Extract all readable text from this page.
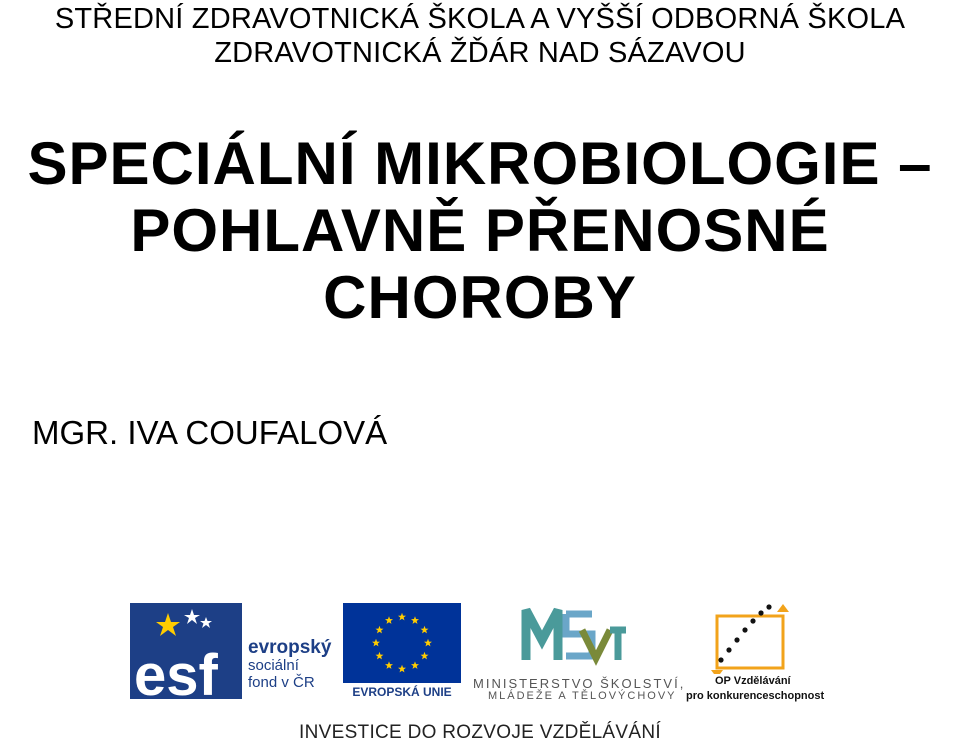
STŘEDNÍ ZDRAVOTNICKÁ ŠKOLA A VYŠŠÍ ODBORNÁ ŠKOLA
ZDRAVOTNICKÁ ŽĎÁR NAD SÁZAVOU
SPECIÁLNÍ MIKROBIOLOGIE –
POHLAVNĚ PŘENOSNÉ
CHOROBY
MGR. IVA COUFALOVÁ
esf evropský
sociální
fond v ČR
EVROPSKÁ UNIE
MINISTERSTVO ŠKOLSTVÍ,
MLÁDEŽE A TĚLOVÝCHOVY
OP Vzdělávání
pro konkurenceschopnost
INVESTICE DO ROZVOJE VZDĚLÁVÁNÍ
